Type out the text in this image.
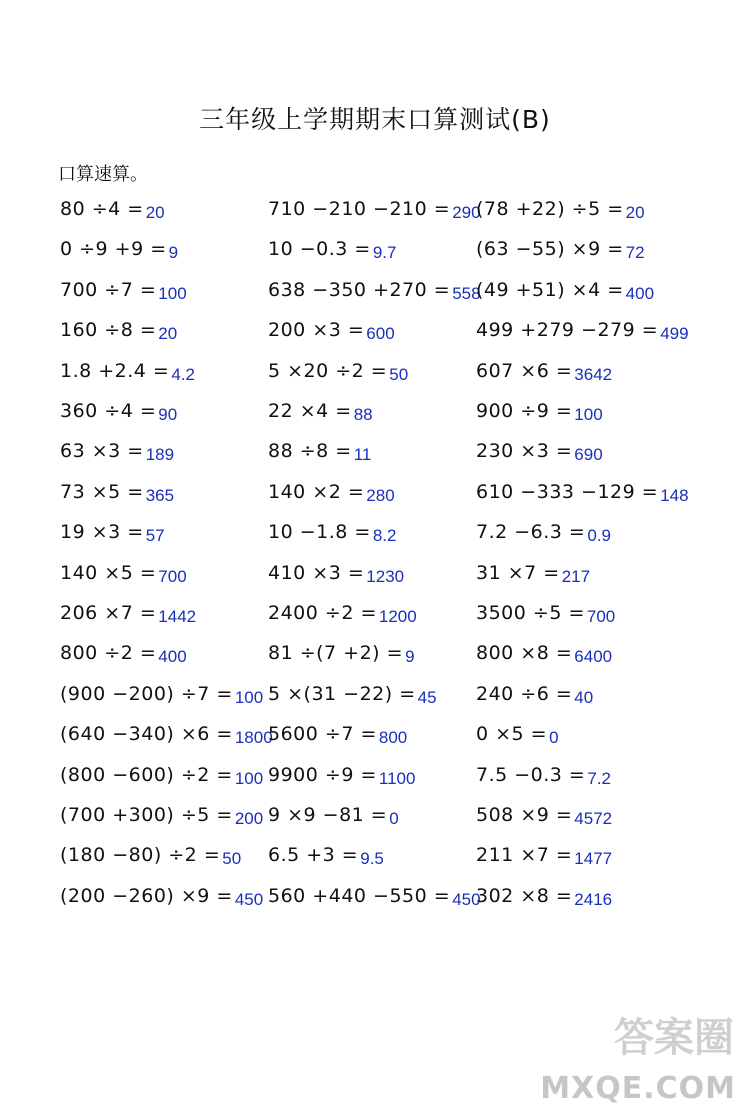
三年级上学期期末口算测试(B)
口算速算。
80 ÷4 = 20
0 ÷9 +9 = 9
700 ÷7 = 100
160 ÷8 = 20
1.8 +2.4 = 4.2
360 ÷4 = 90
63 ×3 = 189
73 ×5 = 365
19 ×3 = 57
140 ×5 = 700
206 ×7 = 1442
800 ÷2 = 400
(900 −200) ÷7 = 100
(640 −340) ×6 = 1800
(800 −600) ÷2 = 100
(700 +300) ÷5 = 200
(180 −80) ÷2 = 50
(200 −260) ×9 = 450
710 −210 −210 = 290
10 −0.3 = 9.7
638 −350 +270 = 558
200 ×3 = 600
5 ×20 ÷2 = 50
22 ×4 = 88
88 ÷8 = 11
140 ×2 = 280
10 −1.8 = 8.2
410 ×3 = 1230
2400 ÷2 = 1200
81 ÷(7 +2) = 9
5 ×(31 −22) = 45
5600 ÷7 = 800
9900 ÷9 = 1100
9 ×9 −81 = 0
6.5 +3 = 9.5
560 +440 −550 = 450
(78 +22) ÷5 = 20
(63 −55) ×9 = 72
(49 +51) ×4 = 400
499 +279 −279 = 499
607 ×6 = 3642
900 ÷9 = 100
230 ×3 = 690
610 −333 −129 = 148
7.2 −6.3 = 0.9
31 ×7 = 217
3500 ÷5 = 700
800 ×8 = 6400
240 ÷6 = 40
0 ×5 = 0
7.5 −0.3 = 7.2
508 ×9 = 4572
211 ×7 = 1477
302 ×8 = 2416
答案圈
MXQE.COM
